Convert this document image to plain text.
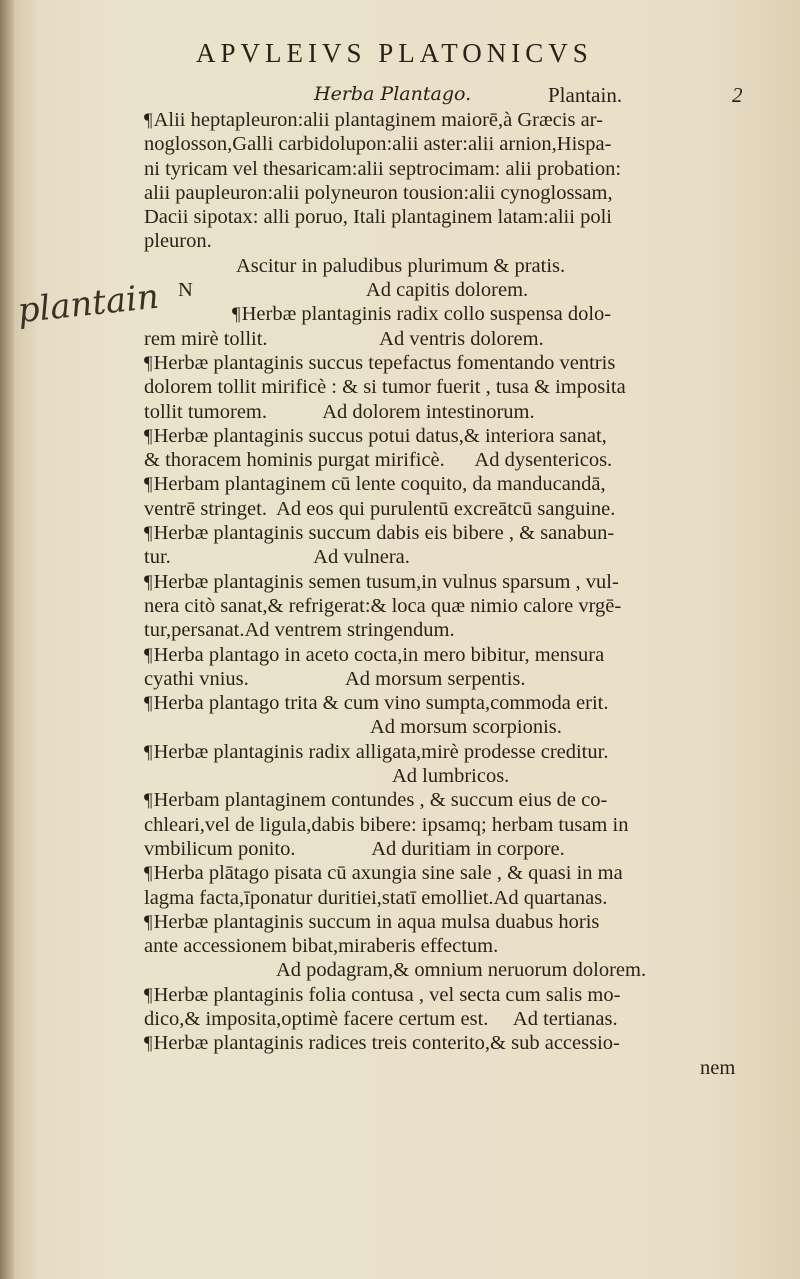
APVLEIVS PLATONICVS
Herba Plantago.	Plantain.	2
plantain
¶Alii heptapleuron:alii plantaginem maiorē,à Græcis ar-
noglosson,Galli carbidolupon:alii aster:alii arnion,Hispa-
ni tyricam vel thesaricam:alii septrocimam: alii probation:
alii paupleuron:alii polyneuron tousion:alii cynoglossam,
Dacii sipotax: alli poruo, Itali plantaginem latam:alii poli
pleuron.
Ascitur in paludibus plurimum & pratis.
N                                  Ad capitis dolorem.
¶Herbæ plantaginis radix collo suspensa dolo-
rem mirè tollit.                      Ad ventris dolorem.
¶Herbæ plantaginis succus tepefactus fomentando ventris
dolorem tollit mirificè : & si tumor fuerit , tusa & imposita
tollit tumorem.           Ad dolorem intestinorum.
¶Herbæ plantaginis succus potui datus,& interiora sanat,
& thoracem hominis purgat mirificè.      Ad dysentericos.
¶Herbam plantaginem cū lente coquito, da manducandā,
ventrē stringet.  Ad eos qui purulentū excreātcū sanguine.
¶Herbæ plantaginis succum dabis eis bibere , & sanabun-
tur.                            Ad vulnera.
¶Herbæ plantaginis semen tusum,in vulnus sparsum , vul-
nera citò sanat,& refrigerat:& loca quæ nimio calore vrgē-
tur,persanat.Ad ventrem stringendum.
¶Herba plantago in aceto cocta,in mero bibitur, mensura
cyathi vnius.                   Ad morsum serpentis.
¶Herba plantago trita & cum vino sumpta,commoda erit.
Ad morsum scorpionis.
¶Herbæ plantaginis radix alligata,mirè prodesse creditur.
Ad lumbricos.
¶Herbam plantaginem contundes , & succum eius de co-
chleari,vel de ligula,dabis bibere: ipsamq; herbam tusam in
vmbilicum ponito.               Ad duritiam in corpore.
¶Herba plātago pisata cū axungia sine sale , & quasi in ma
lagma facta,īponatur duritiei,statī emolliet.Ad quartanas.
¶Herbæ plantaginis succum in aqua mulsa duabus horis
ante accessionem bibat,miraberis effectum.
Ad podagram,& omnium neruorum dolorem.
¶Herbæ plantaginis folia contusa , vel secta cum salis mo-
dico,& imposita,optimè facere certum est.     Ad tertianas.
¶Herbæ plantaginis radices treis conterito,& sub accessio-
nem
